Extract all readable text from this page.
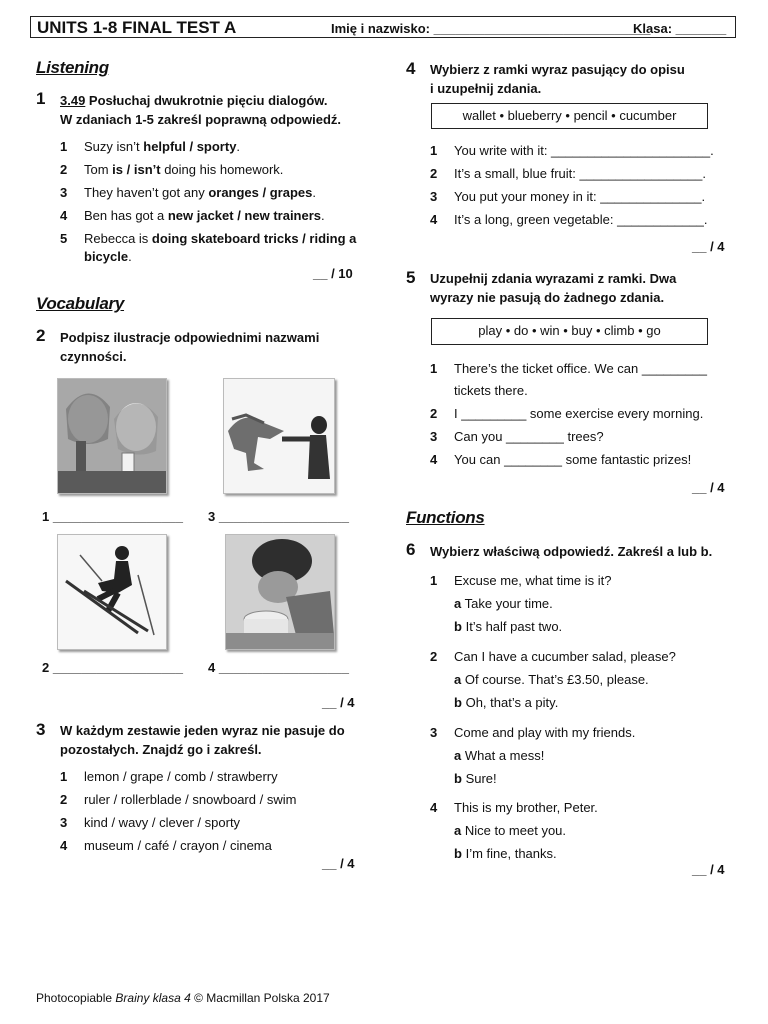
UNITS 1-8 FINAL TEST A	Imię i nazwisko: ______________________________
Klasa: _______
Listening
1 3.49 Posłuchaj dwukrotnie pięciu dialogów.
W zdaniach 1-5 zakreśl poprawną odpowiedź.
1 Suzy isn’t helpful / sporty.
2 Tom is / isn’t doing his homework.
3 They haven’t got any oranges / grapes.
4 Ben has got a new jacket / new trainers.
5 Rebecca is doing skateboard tricks / riding a
bicycle.
__ / 10
Vocabulary
2 Podpisz ilustracje odpowiednimi nazwami
czynności.
1 __________________ 3 __________________
2 __________________ 4 __________________
__ / 4
3 W każdym zestawie jeden wyraz nie pasuje do
pozostałych. Znajdź go i zakreśl.
1 lemon / grape / comb / strawberry
2 ruler / rollerblade / snowboard / swim
3 kind / wavy / clever / sporty
4 museum / café / crayon / cinema
__ / 4
4 Wybierz z ramki wyraz pasujący do opisu
i uzupełnij zdania.
wallet • blueberry • pencil • cucumber
1 You write with it: ______________________.
2 It’s a small, blue fruit: _________________.
3 You put your money in it: ______________.
4 It’s a long, green vegetable: ____________.
__ / 4
5 Uzupełnij zdania wyrazami z ramki. Dwa
wyrazy nie pasują do żadnego zdania.
play • do • win • buy • climb • go
1 There’s the ticket office. We can _________
tickets there.
2 I _________ some exercise every morning.
3 Can you ________ trees?
4 You can ________ some fantastic prizes!
__ / 4
Functions
6 Wybierz właściwą odpowiedź. Zakreśl a lub b.
1 Excuse me, what time is it?
a Take your time.
b It’s half past two.
2 Can I have a cucumber salad, please?
a Of course. That’s £3.50, please.
b Oh, that’s a pity.
3 Come and play with my friends.
a What a mess!
b Sure!
4 This is my brother, Peter.
a Nice to meet you.
b I’m fine, thanks.
__ / 4
Photocopiable Brainy klasa 4 © Macmillan Polska 2017
